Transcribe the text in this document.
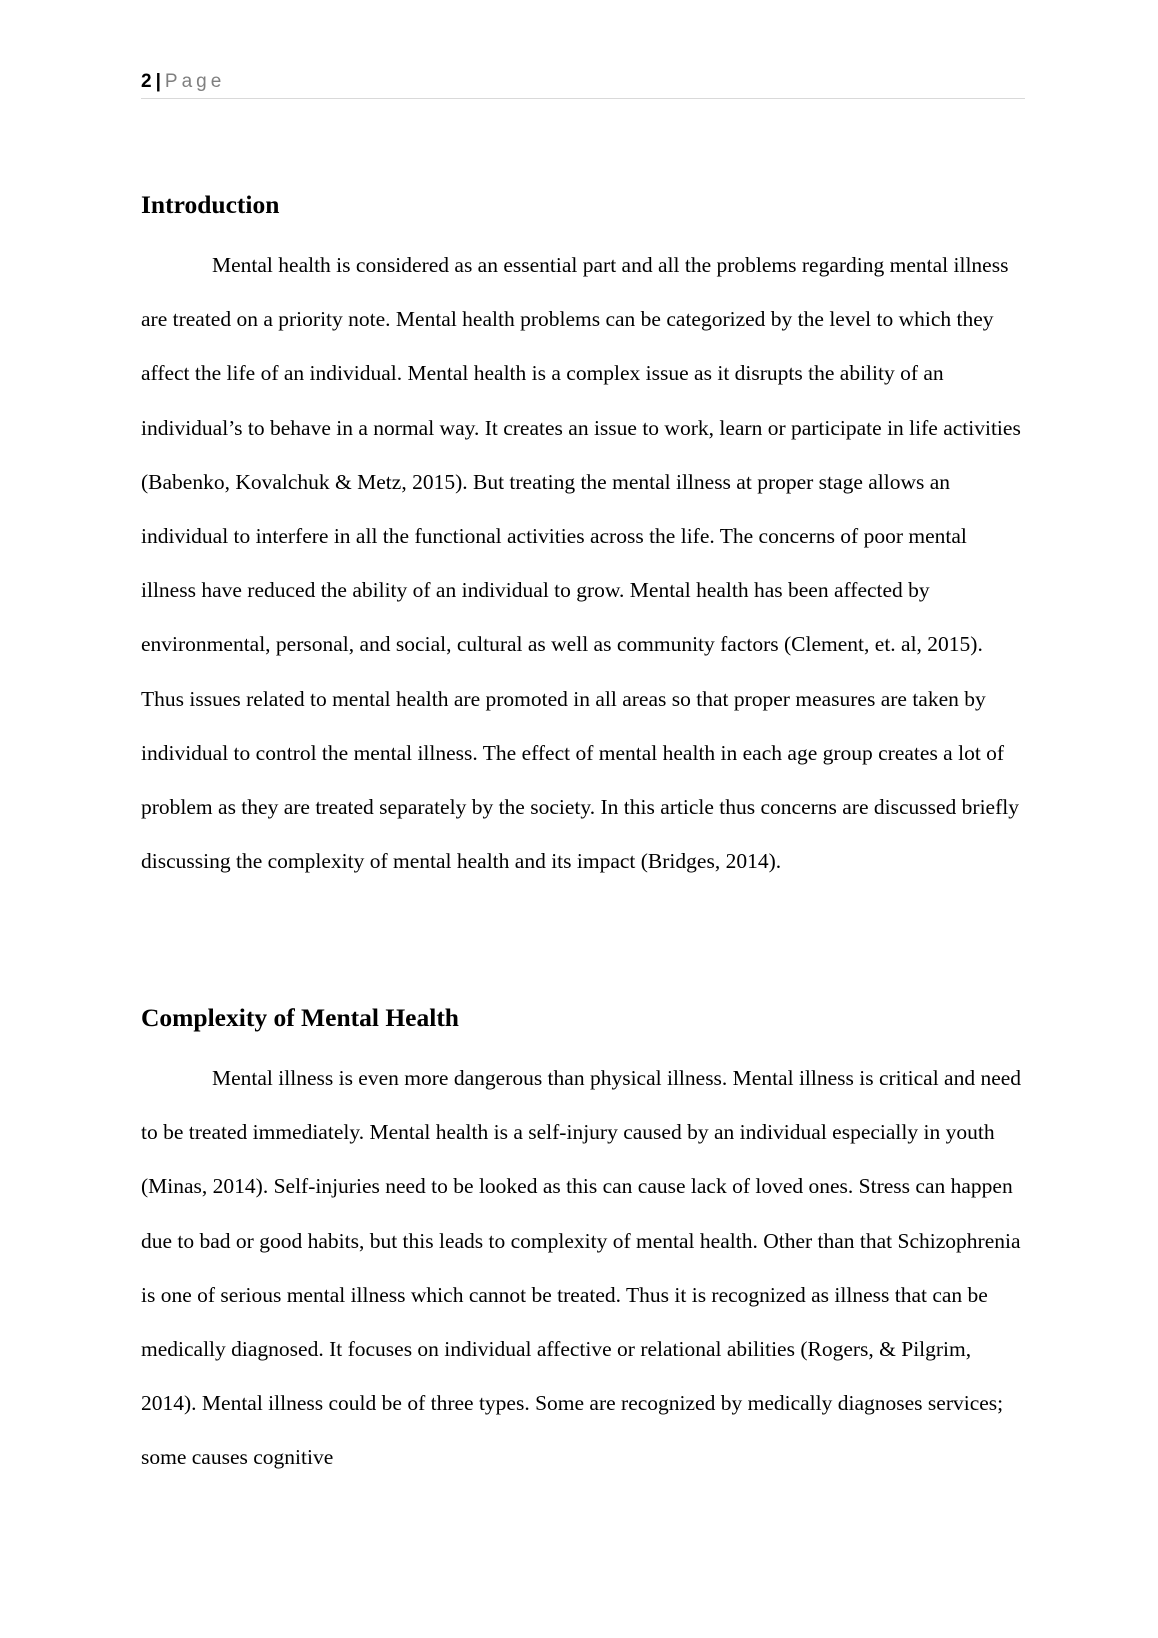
2 | Page
Introduction

Mental health is considered as an essential part and all the problems regarding mental illness are treated on a priority note. Mental health problems can be categorized by the level to which they affect the life of an individual. Mental health is a complex issue as it disrupts the ability of an individual’s to behave in a normal way. It creates an issue to work, learn or participate in life activities (Babenko, Kovalchuk & Metz, 2015). But treating the mental illness at proper stage allows an individual to interfere in all the functional activities across the life. The concerns of poor mental illness have reduced the ability of an individual to grow. Mental health has been affected by environmental, personal, and social, cultural as well as community factors (Clement, et. al, 2015). Thus issues related to mental health are promoted in all areas so that proper measures are taken by individual to control the mental illness. The effect of mental health in each age group creates a lot of problem as they are treated separately by the society. In this article thus concerns are discussed briefly discussing the complexity of mental health and its impact (Bridges, 2014).

Complexity of Mental Health

Mental illness is even more dangerous than physical illness. Mental illness is critical and need to be treated immediately. Mental health is a self-injury caused by an individual especially in youth (Minas, 2014). Self-injuries need to be looked as this can cause lack of loved ones. Stress can happen due to bad or good habits, but this leads to complexity of mental health. Other than that Schizophrenia is one of serious mental illness which cannot be treated. Thus it is recognized as illness that can be medically diagnosed. It focuses on individual affective or relational abilities (Rogers, & Pilgrim, 2014). Mental illness could be of three types. Some are recognized by medically diagnoses services; some causes cognitive
